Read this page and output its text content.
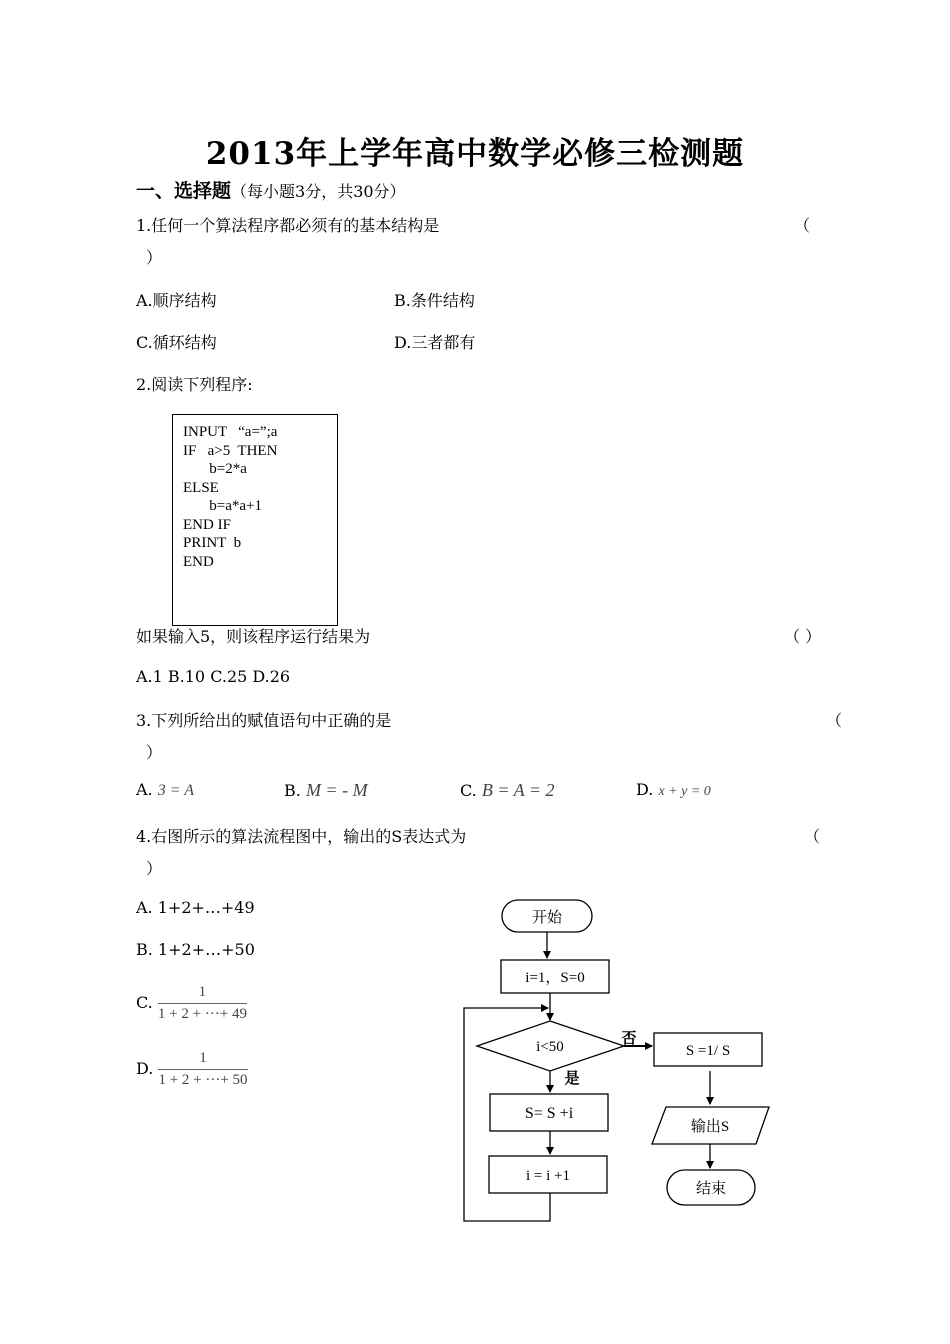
2013年上学年高中数学必修三检测题
一、选择题（每小题3分，共30分）
1.任何一个算法程序都必须有的基本结构是	（
）
A.顺序结构	B.条件结构
C.循环结构	D.三者都有
2.阅读下列程序:
INPUT   “a=”;a
IF   a>5  THEN
b=2*a
ELSE
b=a*a+1
END IF
PRINT  b
END
如果输入5，则该程序运行结果为	（ ）
A.1 B.10 C.25 D.26
3.下列所给出的赋值语句中正确的是	（
）
A. 3 = A	B. M = - M	C. B = A = 2	D. x + y = 0
4.右图所示的算法流程图中，输出的S表达式为	（
）
A. 1+2+…+49
B. 1+2+…+50
C. $\frac{1}{1 + 2 + \cdot\cdot\cdot+ 49}$
D. $\frac{1}{1 + 2 + \cdot\cdot\cdot+ 50}$
开始
i=1，S=0
i<50	否
是
S= S +i
i = i +1
S =1/ S
输出S
结束
